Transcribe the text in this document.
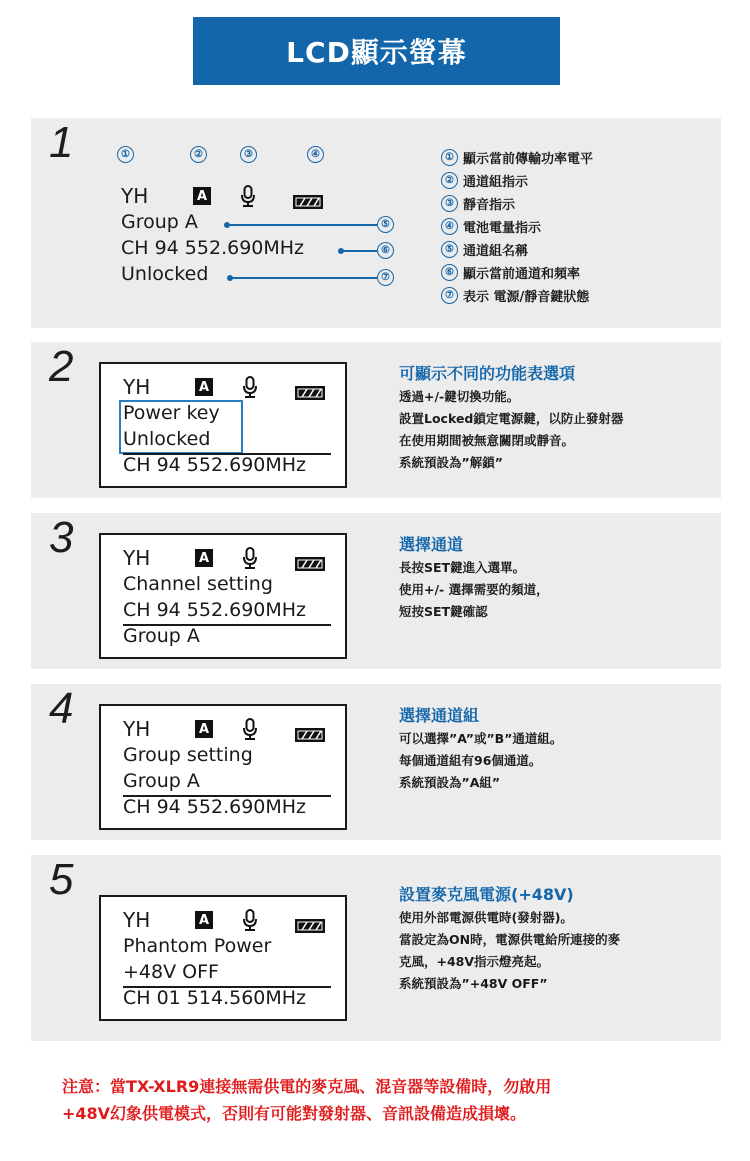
LCD顯示螢幕
1	①	②	③	④
ΥH	A
Group A
CH 94 552.690MHz
Unlocked
⑤
⑥
⑦
① 顯示當前傳輸功率電平
② 通道組指示
③ 靜音指示
④ 電池電量指示
⑤ 通道組名稱
⑥ 顯示當前通道和頻率
⑦ 表示 電源/靜音鍵狀態
2 ΥH	A
Power key
Unlocked
CH 94 552.690MHz
可顯示不同的功能表選項
透過+/-鍵切換功能。
設置Locked鎖定電源鍵，以防止發射器
在使用期間被無意關閉或靜音。
系統預設為”解鎖”
3 ΥH	A
Channel setting
CH 94 552.690MHz
Group A
選擇通道
長按SET鍵進入選單。
使用+/- 選擇需要的頻道，
短按SET鍵確認
4 ΥH	A
Group setting
Group A
CH 94 552.690MHz
選擇通道組
可以選擇”A”或”B”通道組。
每個通道組有96個通道。
系統預設為”A組”
5
ΥH	A
Phantom Power
+48V OFF
CH 01 514.560MHz
設置麥克風電源(+48V)
使用外部電源供電時(發射器)。
當設定為ON時，電源供電給所連接的麥
克風，+48V指示燈亮起。
系統預設為”+48V OFF”
注意：當TX-XLR9連接無需供電的麥克風、混音器等設備時，勿啟用
+48V幻象供電模式，否則有可能對發射器、音訊設備造成損壞。
